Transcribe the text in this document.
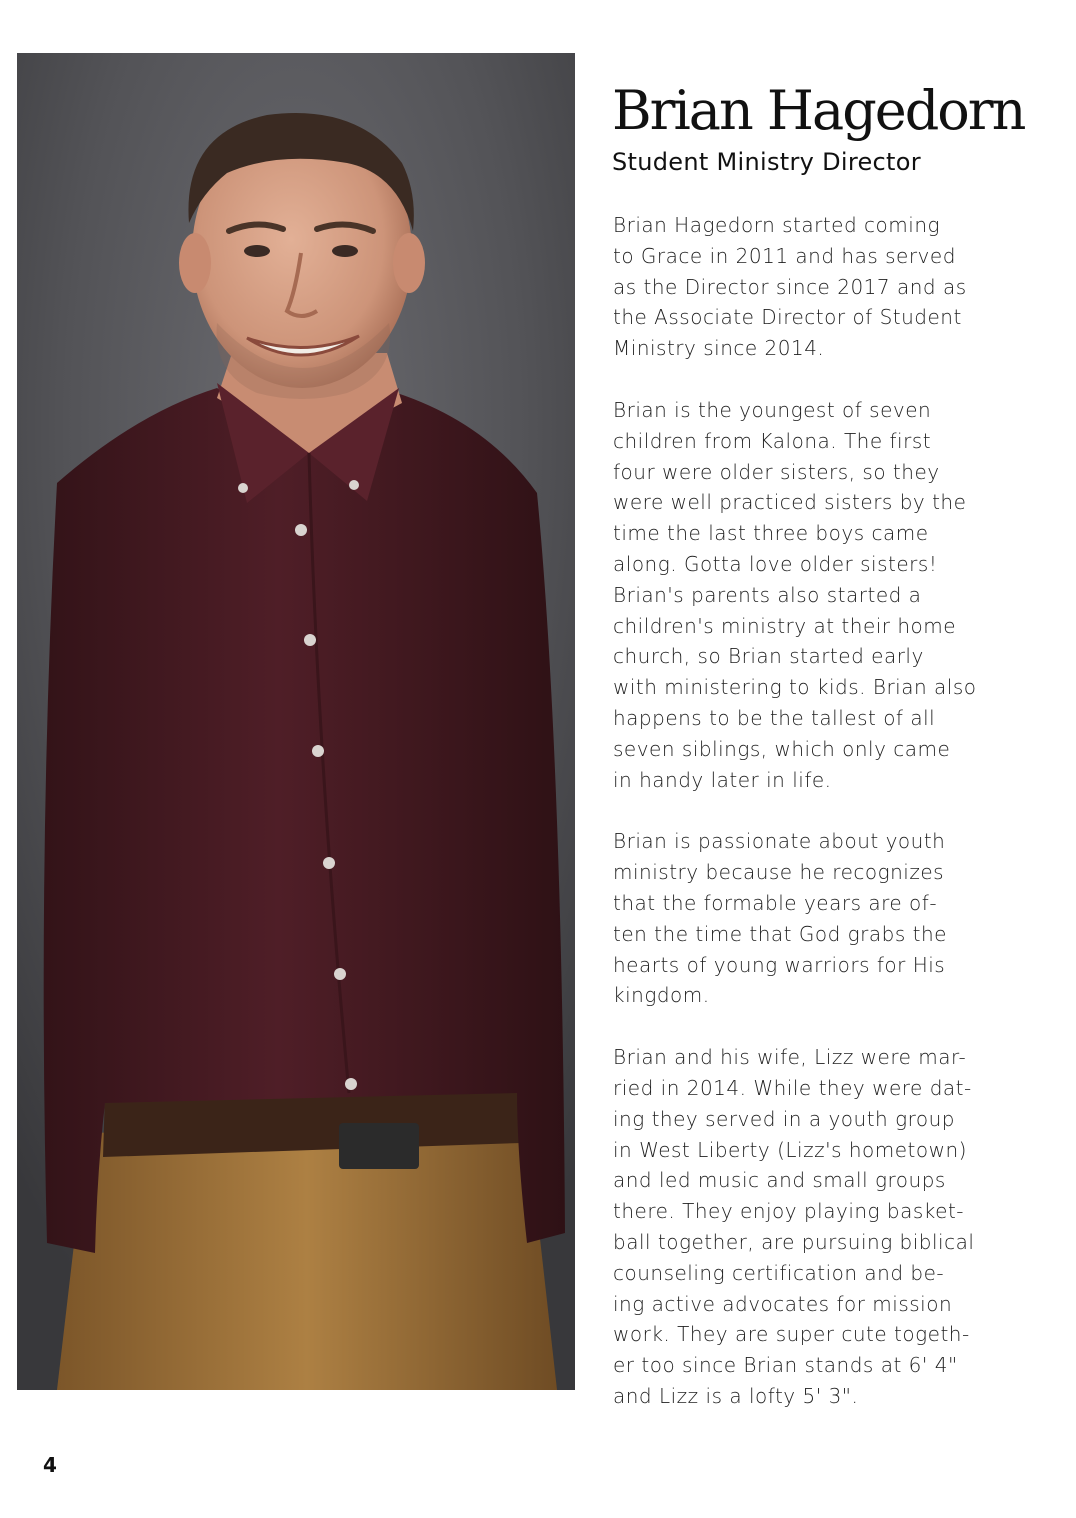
Brian Hagedorn
Student Ministry Director

Brian Hagedorn started coming
to Grace in 2011 and has served
as the Director since 2017 and as
the Associate Director of Student
Ministry since 2014.

Brian is the youngest of seven
children from Kalona. The first
four were older sisters, so they
were well practiced sisters by the
time the last three boys came
along. Gotta love older sisters!
Brian's parents also started a
children's ministry at their home
church, so Brian started early
with ministering to kids. Brian also
happens to be the tallest of all
seven siblings, which only came
in handy later in life.

Brian is passionate about youth
ministry because he recognizes
that the formable years are of-
ten the time that God grabs the
hearts of young warriors for His
kingdom.

Brian and his wife, Lizz were mar-
ried in 2014. While they were dat-
ing they served in a youth group
in West Liberty (Lizz's hometown)
and led music and small groups
there. They enjoy playing basket-
ball together, are pursuing biblical
counseling certification and be-
ing active advocates for mission
work. They are super cute togeth-
er too since Brian stands at 6' 4"
and Lizz is a lofty 5' 3".

4
